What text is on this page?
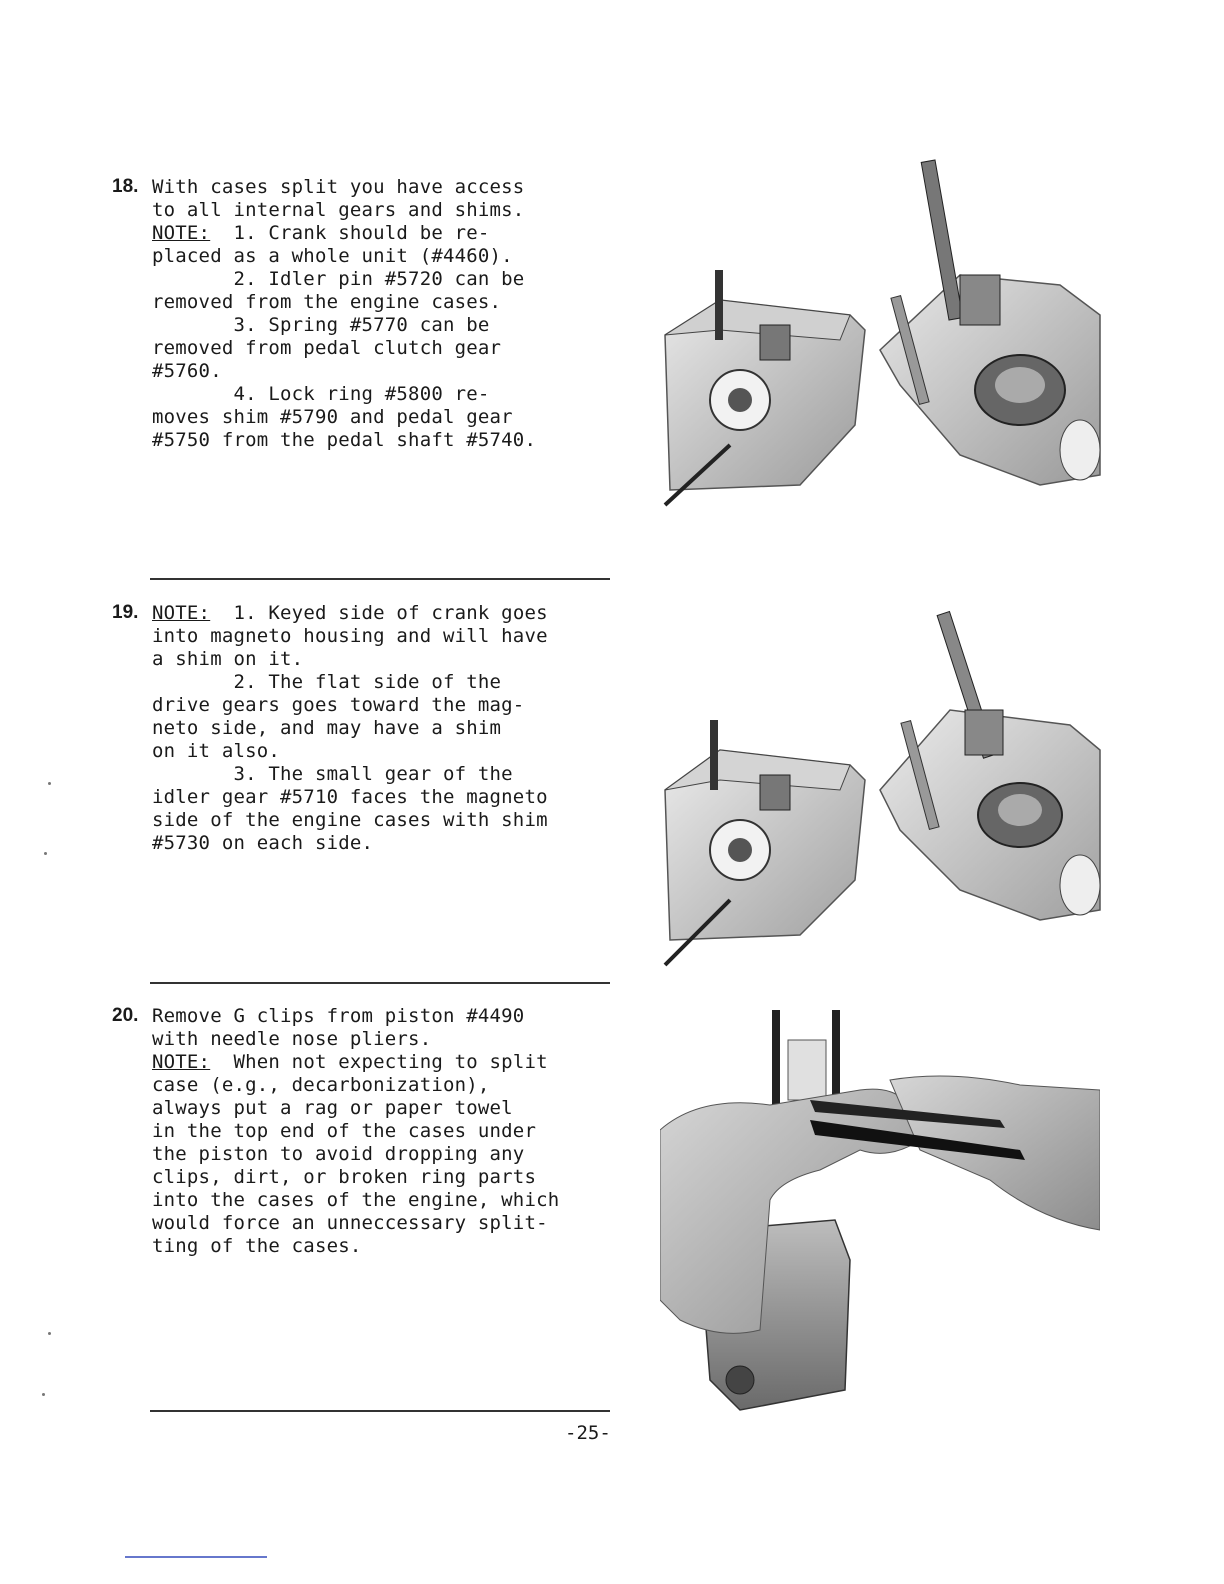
18. With cases split you have access
to all internal gears and shims.
NOTE:  1. Crank should be re-
placed as a whole unit (#4460).
2. Idler pin #5720 can be
removed from the engine cases.
3. Spring #5770 can be
removed from pedal clutch gear
#5760.
4. Lock ring #5800 re-
moves shim #5790 and pedal gear
#5750 from the pedal shaft #5740.
19. NOTE:  1. Keyed side of crank goes
into magneto housing and will have
a shim on it.
2. The flat side of the
drive gears goes toward the mag-
neto side, and may have a shim
on it also.
3. The small gear of the
idler gear #5710 faces the magneto
side of the engine cases with shim
#5730 on each side.
20. Remove G clips from piston #4490
with needle nose pliers.
NOTE:  When not expecting to split
case (e.g., decarbonization),
always put a rag or paper towel
in the top end of the cases under
the piston to avoid dropping any
clips, dirt, or broken ring parts
into the cases of the engine, which
would force an unneccessary split-
ting of the cases.
-25-
